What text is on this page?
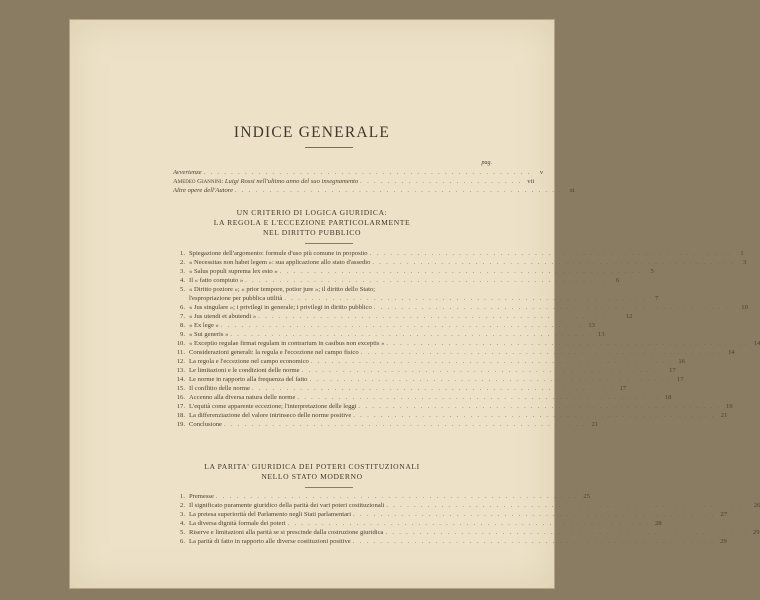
INDICE GENERALE
pag.
Avvertenze . . . . . . . . . . . . . . . . . . . . . . . . . . . . . . . . . . . . . . . . . . . . . . . .	v
Amedeo Giannini: Luigi Rossi nell'ultimo anno del suo insegnamento . . . . . . . . . . . . . . . . . . . . . . . . vii
Altre opere dell'Autore . . . . . . . . . . . . . . . . . . . . . . . . . . . . . . . . . . . . . . . . . . . . . . . .	xi
UN CRITERIO DI LOGICA GIURIDICA:
LA REGOLA E L'ECCEZIONE PARTICOLARMENTE
NEL DIRITTO PUBBLICO
1. Spiegazione dell'argomento: formule d'uso più comune in proposito . . . . . . . . . . . . . . . . . . . . . . . . . . . . . . . . . . . . . . . . . . . . . . . . . . . . .	1
2. « Necessitas non habet legem »: sua applicazione allo stato d'assedio . . . . . . . . . . . . . . . . . . . . . . . . . . . . . . . . . . . . . . . . . . . . . . . . . . . . .	3
3. « Salus populi suprema lex esto » . . . . . . . . . . . . . . . . . . . . . . . . . . . . . . . . . . . . . . . . . . . . . . . . . . . . .	5
4. Il « fatto compiuto » . . . . . . . . . . . . . . . . . . . . . . . . . . . . . . . . . . . . . . . . . . . . . . . . . . . . .	6
5. « Diritto poziore »; « prior tempore, potior jure »; il diritto dello Stato;
l'espropriazione per pubblica utilità . . . . . . . . . . . . . . . . . . . . . . . . . . . . . . . . . . . . . . . . . . . . . . . . . . . . .	7
6. « Jus singulare »; i privilegi in generale; i privilegi in diritto pubblico . . . . . . . . . . . . . . . . . . . . . . . . . . . . . . . . . . . . . . . . . . . . . . . . . . . . . 10
7. « Jus utendi et abutendi » . . . . . . . . . . . . . . . . . . . . . . . . . . . . . . . . . . . . . . . . . . . . . . . . . . . . . 12
8. « Ex lege » . . . . . . . . . . . . . . . . . . . . . . . . . . . . . . . . . . . . . . . . . . . . . . . . . . . . . 13
9. « Sui generis » . . . . . . . . . . . . . . . . . . . . . . . . . . . . . . . . . . . . . . . . . . . . . . . . . . . . . 13
10. « Exceptio regulae firmat regulam in contrarium in casibus non exceptis » . . . . . . . . . . . . . . . . . . . . . . . . . . . . . . . . . . . . . . . . . . . . . . . . . . . . . 14
11. Considerazioni generali: la regula e l'eccezione nel campo fisico . . . . . . . . . . . . . . . . . . . . . . . . . . . . . . . . . . . . . . . . . . . . . . . . . . . . . 14
12. La regola e l'eccezione nel campo economico . . . . . . . . . . . . . . . . . . . . . . . . . . . . . . . . . . . . . . . . . . . . . . . . . . . . . 16
13. Le limitazioni e le condizioni delle norme . . . . . . . . . . . . . . . . . . . . . . . . . . . . . . . . . . . . . . . . . . . . . . . . . . . . . 17
14. Le norme in rapporto alla frequenza del fatto . . . . . . . . . . . . . . . . . . . . . . . . . . . . . . . . . . . . . . . . . . . . . . . . . . . . . 17
15. Il conflitto delle norme . . . . . . . . . . . . . . . . . . . . . . . . . . . . . . . . . . . . . . . . . . . . . . . . . . . . . 17
16. Accenno alla diversa natura delle norme . . . . . . . . . . . . . . . . . . . . . . . . . . . . . . . . . . . . . . . . . . . . . . . . . . . . . 18
17. L'equità come apparente eccezione; l'interpretazione delle leggi . . . . . . . . . . . . . . . . . . . . . . . . . . . . . . . . . . . . . . . . . . . . . . . . . . . . . 19
18. La differenziazione del valore intrinseco delle norme positive . . . . . . . . . . . . . . . . . . . . . . . . . . . . . . . . . . . . . . . . . . . . . . . . . . . . . 21
19. Conclusione . . . . . . . . . . . . . . . . . . . . . . . . . . . . . . . . . . . . . . . . . . . . . . . . . . . . . 21
LA PARITA' GIURIDICA DEI POTERI COSTITUZIONALI
NELLO STATO MODERNO
1. Premesse . . . . . . . . . . . . . . . . . . . . . . . . . . . . . . . . . . . . . . . . . . . . . . . . . . . . . 25
2. Il significato puramente giuridico della parità dei vari poteri costituzionali . . . . . . . . . . . . . . . . . . . . . . . . . . . . . . . . . . . . . . . . . . . . . . . . . . . . . 26
3. La pretesa superiorità del Parlamento negli Stati parlamentari . . . . . . . . . . . . . . . . . . . . . . . . . . . . . . . . . . . . . . . . . . . . . . . . . . . . . 27
4. La diversa dignità formale dei poteri . . . . . . . . . . . . . . . . . . . . . . . . . . . . . . . . . . . . . . . . . . . . . . . . . . . . . 28
5. Riserve e limitazioni alla parità se si prescinde dalla costruzione giuridica . . . . . . . . . . . . . . . . . . . . . . . . . . . . . . . . . . . . . . . . . . . . . . . . . . . . . 29
6. La parità di fatto in rapporto alle diverse costituzioni positive . . . . . . . . . . . . . . . . . . . . . . . . . . . . . . . . . . . . . . . . . . . . . . . . . . . . . 29
